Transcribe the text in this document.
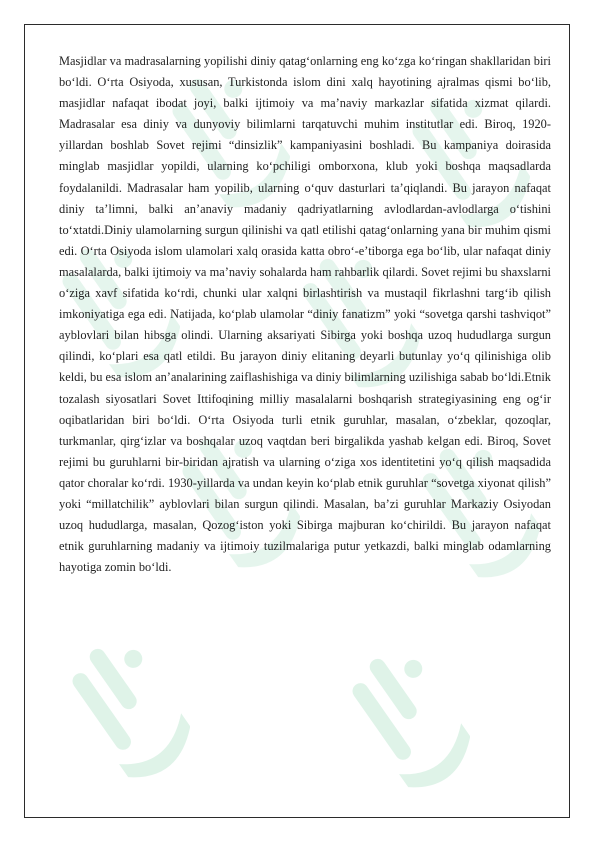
Masjidlar va madrasalarning yopilishi diniy qatag‘onlarning eng ko‘zga ko‘ringan shakllaridan biri bo‘ldi. O‘rta Osiyoda, xususan, Turkistonda islom dini xalq hayotining ajralmas qismi bo‘lib, masjidlar nafaqat ibodat joyi, balki ijtimoiy va ma’naviy markazlar sifatida xizmat qilardi. Madrasalar esa diniy va dunyoviy bilimlarni tarqatuvchi muhim institutlar edi. Biroq, 1920-yillardan boshlab Sovet rejimi “dinsizlik” kampaniyasini boshladi. Bu kampaniya doirasida minglab masjidlar yopildi, ularning ko‘pchiligi omborxona, klub yoki boshqa maqsadlarda foydalanildi. Madrasalar ham yopilib, ularning o‘quv dasturlari ta’qiqlandi. Bu jarayon nafaqat diniy ta’limni, balki an’anaviy madaniy qadriyatlarning avlodlardan-avlodlarga o‘tishini to‘xtatdi.Diniy ulamolarning surgun qilinishi va qatl etilishi qatag‘onlarning yana bir muhim qismi edi. O‘rta Osiyoda islom ulamolari xalq orasida katta obro‘-e’tiborga ega bo‘lib, ular nafaqat diniy masalalarda, balki ijtimoiy va ma’naviy sohalarda ham rahbarlik qilardi. Sovet rejimi bu shaxslarni o‘ziga xavf sifatida ko‘rdi, chunki ular xalqni birlashtirish va mustaqil fikrlashni targ‘ib qilish imkoniyatiga ega edi. Natijada, ko‘plab ulamolar “diniy fanatizm” yoki “sovetga qarshi tashviqot” ayblovlari bilan hibsga olindi. Ularning aksariyati Sibirga yoki boshqa uzoq hududlarga surgun qilindi, ko‘plari esa qatl etildi. Bu jarayon diniy elitaning deyarli butunlay yo‘q qilinishiga olib keldi, bu esa islom an’analarining zaiflashishiga va diniy bilimlarning uzilishiga sabab bo‘ldi.Etnik tozalash siyosatlari Sovet Ittifoqining milliy masalalarni boshqarish strategiyasining eng og‘ir oqibatlaridan biri bo‘ldi. O‘rta Osiyoda turli etnik guruhlar, masalan, o‘zbeklar, qozoqlar, turkmanlar, qirg‘izlar va boshqalar uzoq vaqtdan beri birgalikda yashab kelgan edi. Biroq, Sovet rejimi bu guruhlarni bir-biridan ajratish va ularning o‘ziga xos identitetini yo‘q qilish maqsadida qator choralar ko‘rdi. 1930-yillarda va undan keyin ko‘plab etnik guruhlar “sovetga xiyonat qilish” yoki “millatchilik” ayblovlari bilan surgun qilindi. Masalan, ba’zi guruhlar Markaziy Osiyodan uzoq hududlarga, masalan, Qozog‘iston yoki Sibirga majburan ko‘chirildi. Bu jarayon nafaqat etnik guruhlarning madaniy va ijtimoiy tuzilmalariga putur yetkazdi, balki minglab odamlarning hayotiga zomin bo‘ldi.
